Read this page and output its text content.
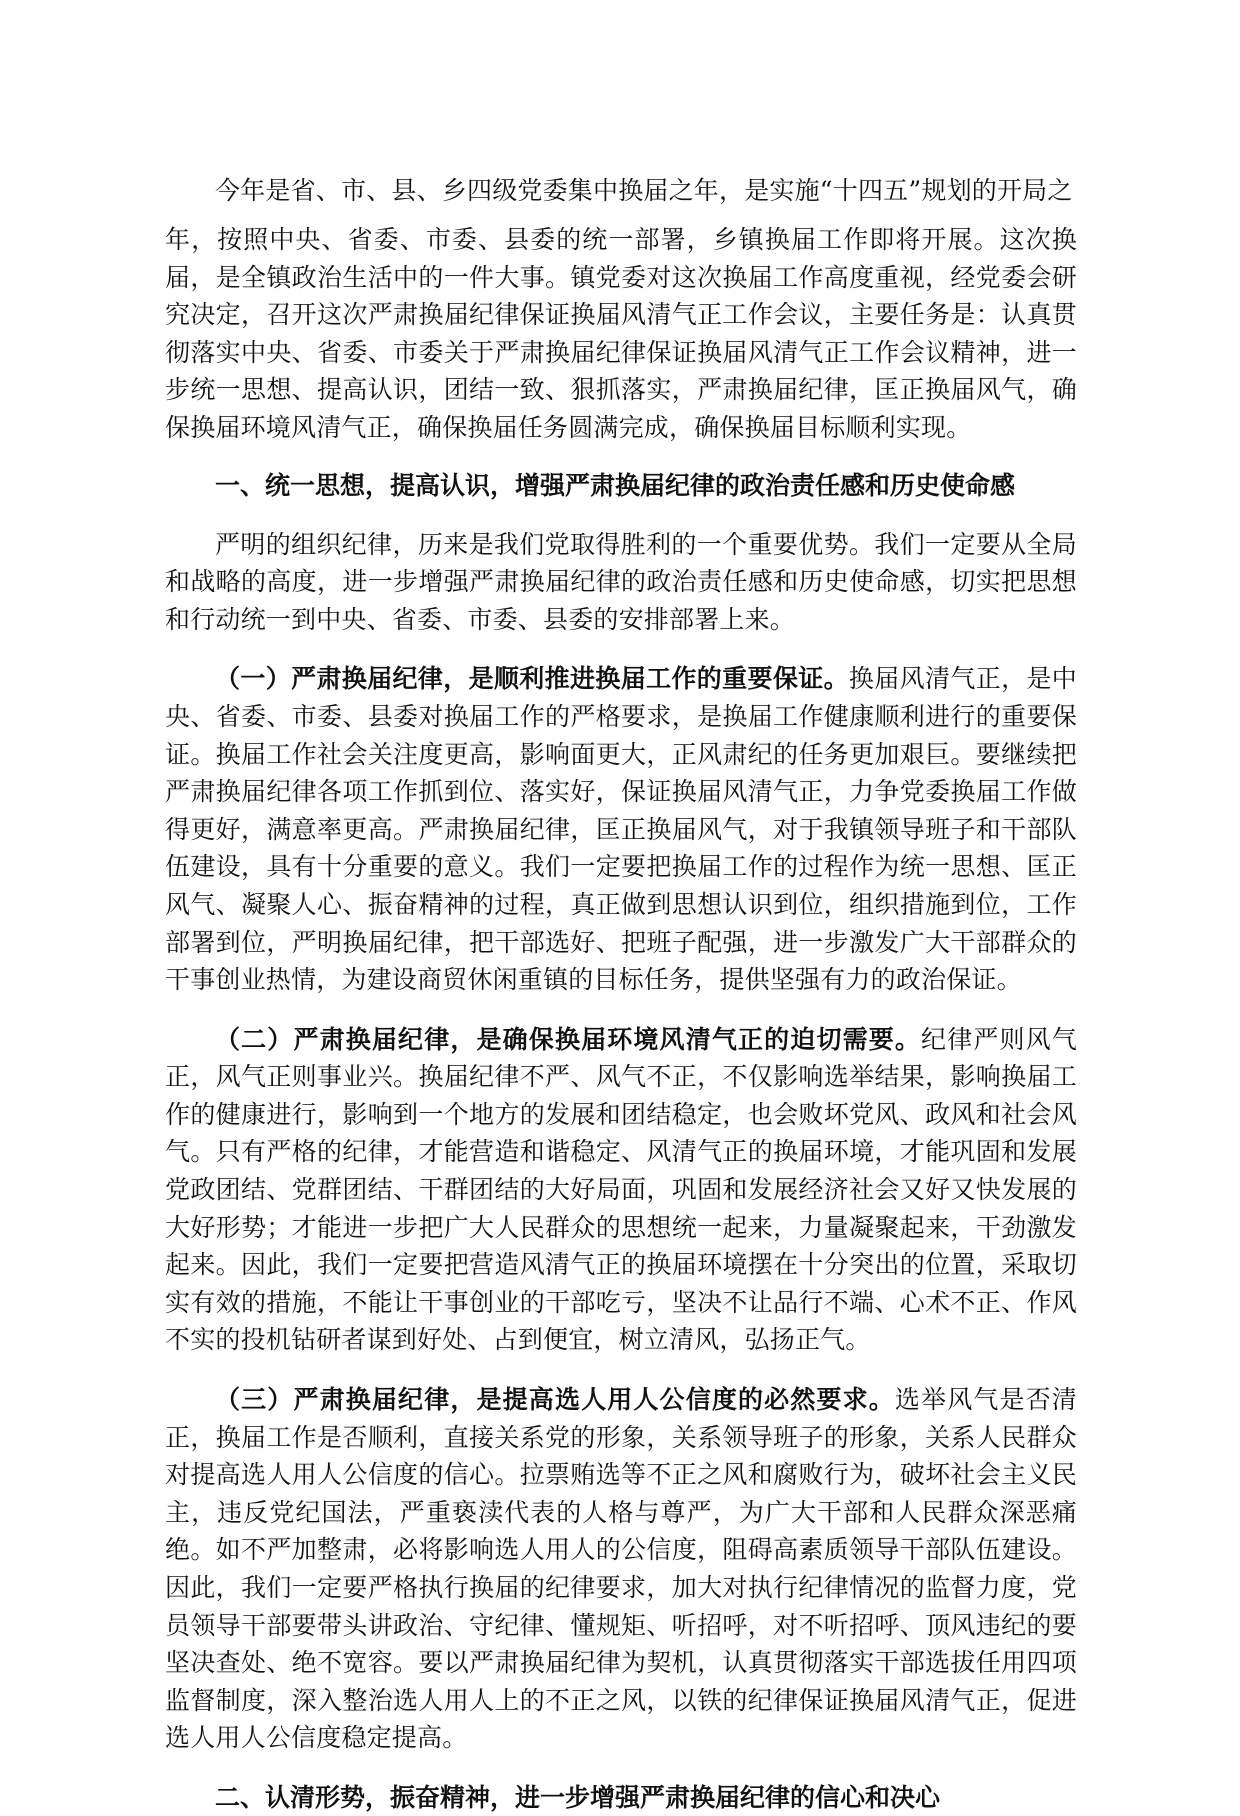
今年是省、市、县、乡四级党委集中换届之年，是实施“十四五”规划的开局之

年，按照中央、省委、市委、县委的统一部署，乡镇换届工作即将开展。这次换届，是全镇政治生活中的一件大事。镇党委对这次换届工作高度重视，经党委会研究决定，召开这次严肃换届纪律保证换届风清气正工作会议，主要任务是：认真贯彻落实中央、省委、市委关于严肃换届纪律保证换届风清气正工作会议精神，进一步统一思想、提高认识，团结一致、狠抓落实，严肃换届纪律，匡正换届风气，确保换届环境风清气正，确保换届任务圆满完成，确保换届目标顺利实现。

一、统一思想，提高认识，增强严肃换届纪律的政治责任感和历史使命感

严明的组织纪律，历来是我们党取得胜利的一个重要优势。我们一定要从全局和战略的高度，进一步增强严肃换届纪律的政治责任感和历史使命感，切实把思想和行动统一到中央、省委、市委、县委的安排部署上来。

（一）严肃换届纪律，是顺利推进换届工作的重要保证。换届风清气正，是中央、省委、市委、县委对换届工作的严格要求，是换届工作健康顺利进行的重要保证。换届工作社会关注度更高，影响面更大，正风肃纪的任务更加艰巨。要继续把严肃换届纪律各项工作抓到位、落实好，保证换届风清气正，力争党委换届工作做得更好，满意率更高。严肃换届纪律，匡正换届风气，对于我镇领导班子和干部队伍建设，具有十分重要的意义。我们一定要把换届工作的过程作为统一思想、匡正风气、凝聚人心、振奋精神的过程，真正做到思想认识到位，组织措施到位，工作部署到位，严明换届纪律，把干部选好、把班子配强，进一步激发广大干部群众的干事创业热情，为建设商贸休闲重镇的目标任务，提供坚强有力的政治保证。

（二）严肃换届纪律，是确保换届环境风清气正的迫切需要。纪律严则风气正，风气正则事业兴。换届纪律不严、风气不正，不仅影响选举结果，影响换届工作的健康进行，影响到一个地方的发展和团结稳定，也会败坏党风、政风和社会风气。只有严格的纪律，才能营造和谐稳定、风清气正的换届环境，才能巩固和发展党政团结、党群团结、干群团结的大好局面，巩固和发展经济社会又好又快发展的大好形势；才能进一步把广大人民群众的思想统一起来，力量凝聚起来，干劲激发起来。因此，我们一定要把营造风清气正的换届环境摆在十分突出的位置，采取切实有效的措施，不能让干事创业的干部吃亏，坚决不让品行不端、心术不正、作风不实的投机钻研者谋到好处、占到便宜，树立清风，弘扬正气。

（三）严肃换届纪律，是提高选人用人公信度的必然要求。选举风气是否清正，换届工作是否顺利，直接关系党的形象，关系领导班子的形象，关系人民群众对提高选人用人公信度的信心。拉票贿选等不正之风和腐败行为，破坏社会主义民主，违反党纪国法，严重亵渎代表的人格与尊严，为广大干部和人民群众深恶痛绝。如不严加整肃，必将影响选人用人的公信度，阻碍高素质领导干部队伍建设。因此，我们一定要严格执行换届的纪律要求，加大对执行纪律情况的监督力度，党员领导干部要带头讲政治、守纪律、懂规矩、听招呼，对不听招呼、顶风违纪的要坚决查处、绝不宽容。要以严肃换届纪律为契机，认真贯彻落实干部选拔任用四项监督制度，深入整治选人用人上的不正之风，以铁的纪律保证换届风清气正，促进选人用人公信度稳定提高。

二、认清形势，振奋精神，进一步增强严肃换届纪律的信心和决心
